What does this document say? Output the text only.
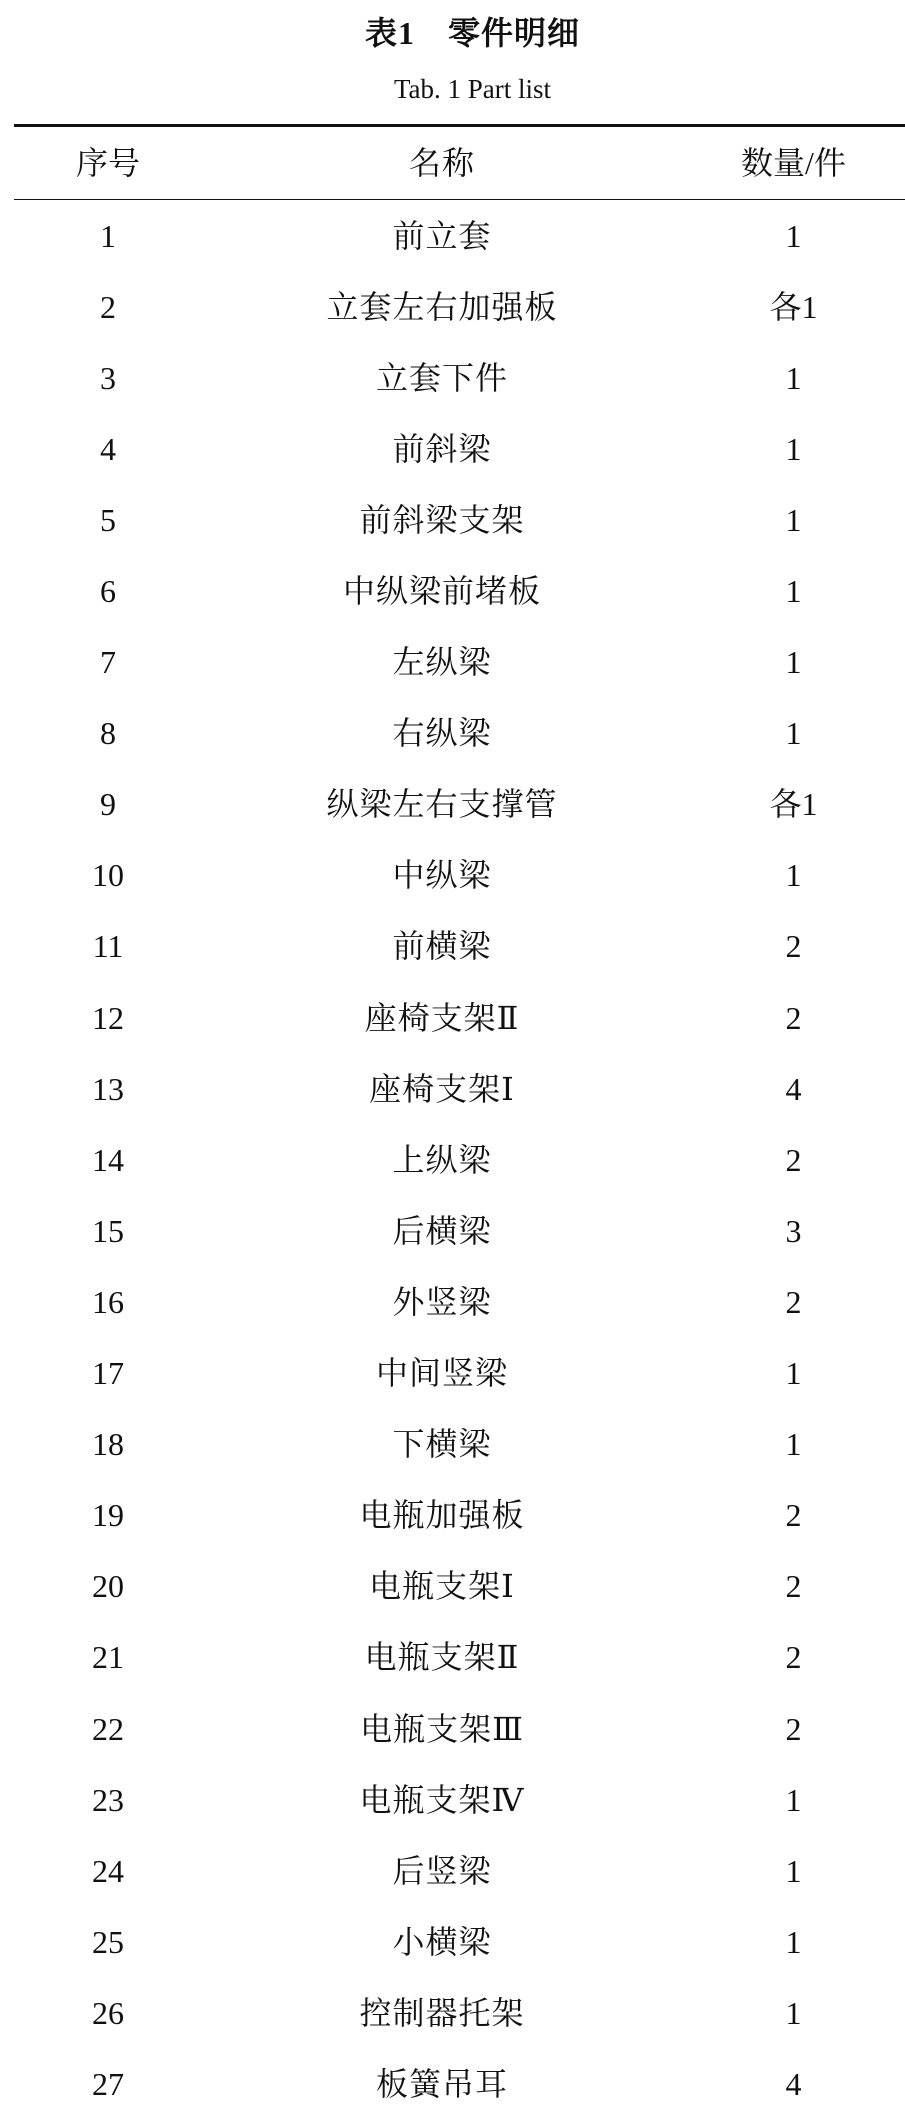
表1　零件明细
Tab. 1 Part list
序号	名称	数量/件
1	前立套	1
2	立套左右加强板	各1
3	立套下件	1
4	前斜梁	1
5	前斜梁支架	1
6	中纵梁前堵板	1
7	左纵梁	1
8	右纵梁	1
9	纵梁左右支撑管	各1
10	中纵梁	1
11	前横梁	2
12	座椅支架Ⅱ	2
13	座椅支架Ⅰ	4
14	上纵梁	2
15	后横梁	3
16	外竖梁	2
17	中间竖梁	1
18	下横梁	1
19	电瓶加强板	2
20	电瓶支架Ⅰ	2
21	电瓶支架Ⅱ	2
22	电瓶支架Ⅲ	2
23	电瓶支架Ⅳ	1
24	后竖梁	1
25	小横梁	1
26	控制器托架	1
27	板簧吊耳	4
